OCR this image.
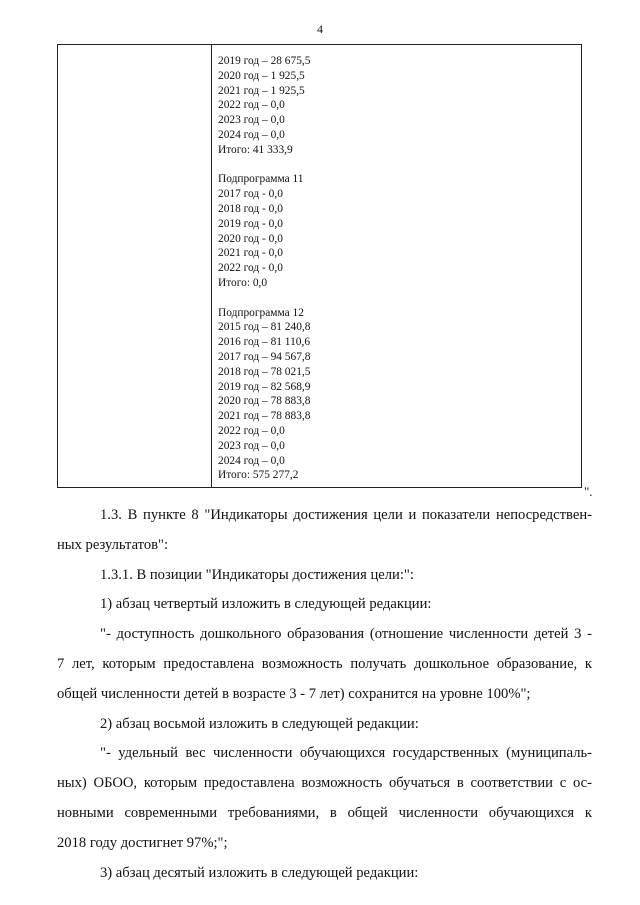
4
2019 год – 28 675,5
2020 год – 1 925,5
2021 год – 1 925,5
2022 год – 0,0
2023 год – 0,0
2024 год – 0,0
Итого: 41 333,9
Подпрограмма 11
2017 год - 0,0
2018 год - 0,0
2019 год - 0,0
2020 год - 0,0
2021 год - 0,0
2022 год - 0,0
Итого: 0,0
Подпрограмма 12
2015 год – 81 240,8
2016 год – 81 110,6
2017 год – 94 567,8
2018 год – 78 021,5
2019 год – 82 568,9
2020 год – 78 883,8
2021 год – 78 883,8
2022 год – 0,0
2023 год – 0,0
2024 год – 0,0
Итого: 575 277,2
".

1.3. В пункте 8 "Индикаторы достижения цели и показатели непосредствен-
ных результатов":

1.3.1. В позиции "Индикаторы достижения цели:":

1) абзац четвертый изложить в следующей редакции:

"- доступность дошкольного образования (отношение численности детей 3 -
7 лет, которым предоставлена возможность получать дошкольное образование, к
общей численности детей в возрасте 3 - 7 лет) сохранится на уровне 100%";

2) абзац восьмой изложить в следующей редакции:

"- удельный вес численности обучающихся государственных (муниципаль-
ных) ОБОО, которым предоставлена возможность обучаться в соответствии с ос-
новными современными требованиями, в общей численности обучающихся к
2018 году достигнет 97%;";

3) абзац десятый изложить в следующей редакции:
